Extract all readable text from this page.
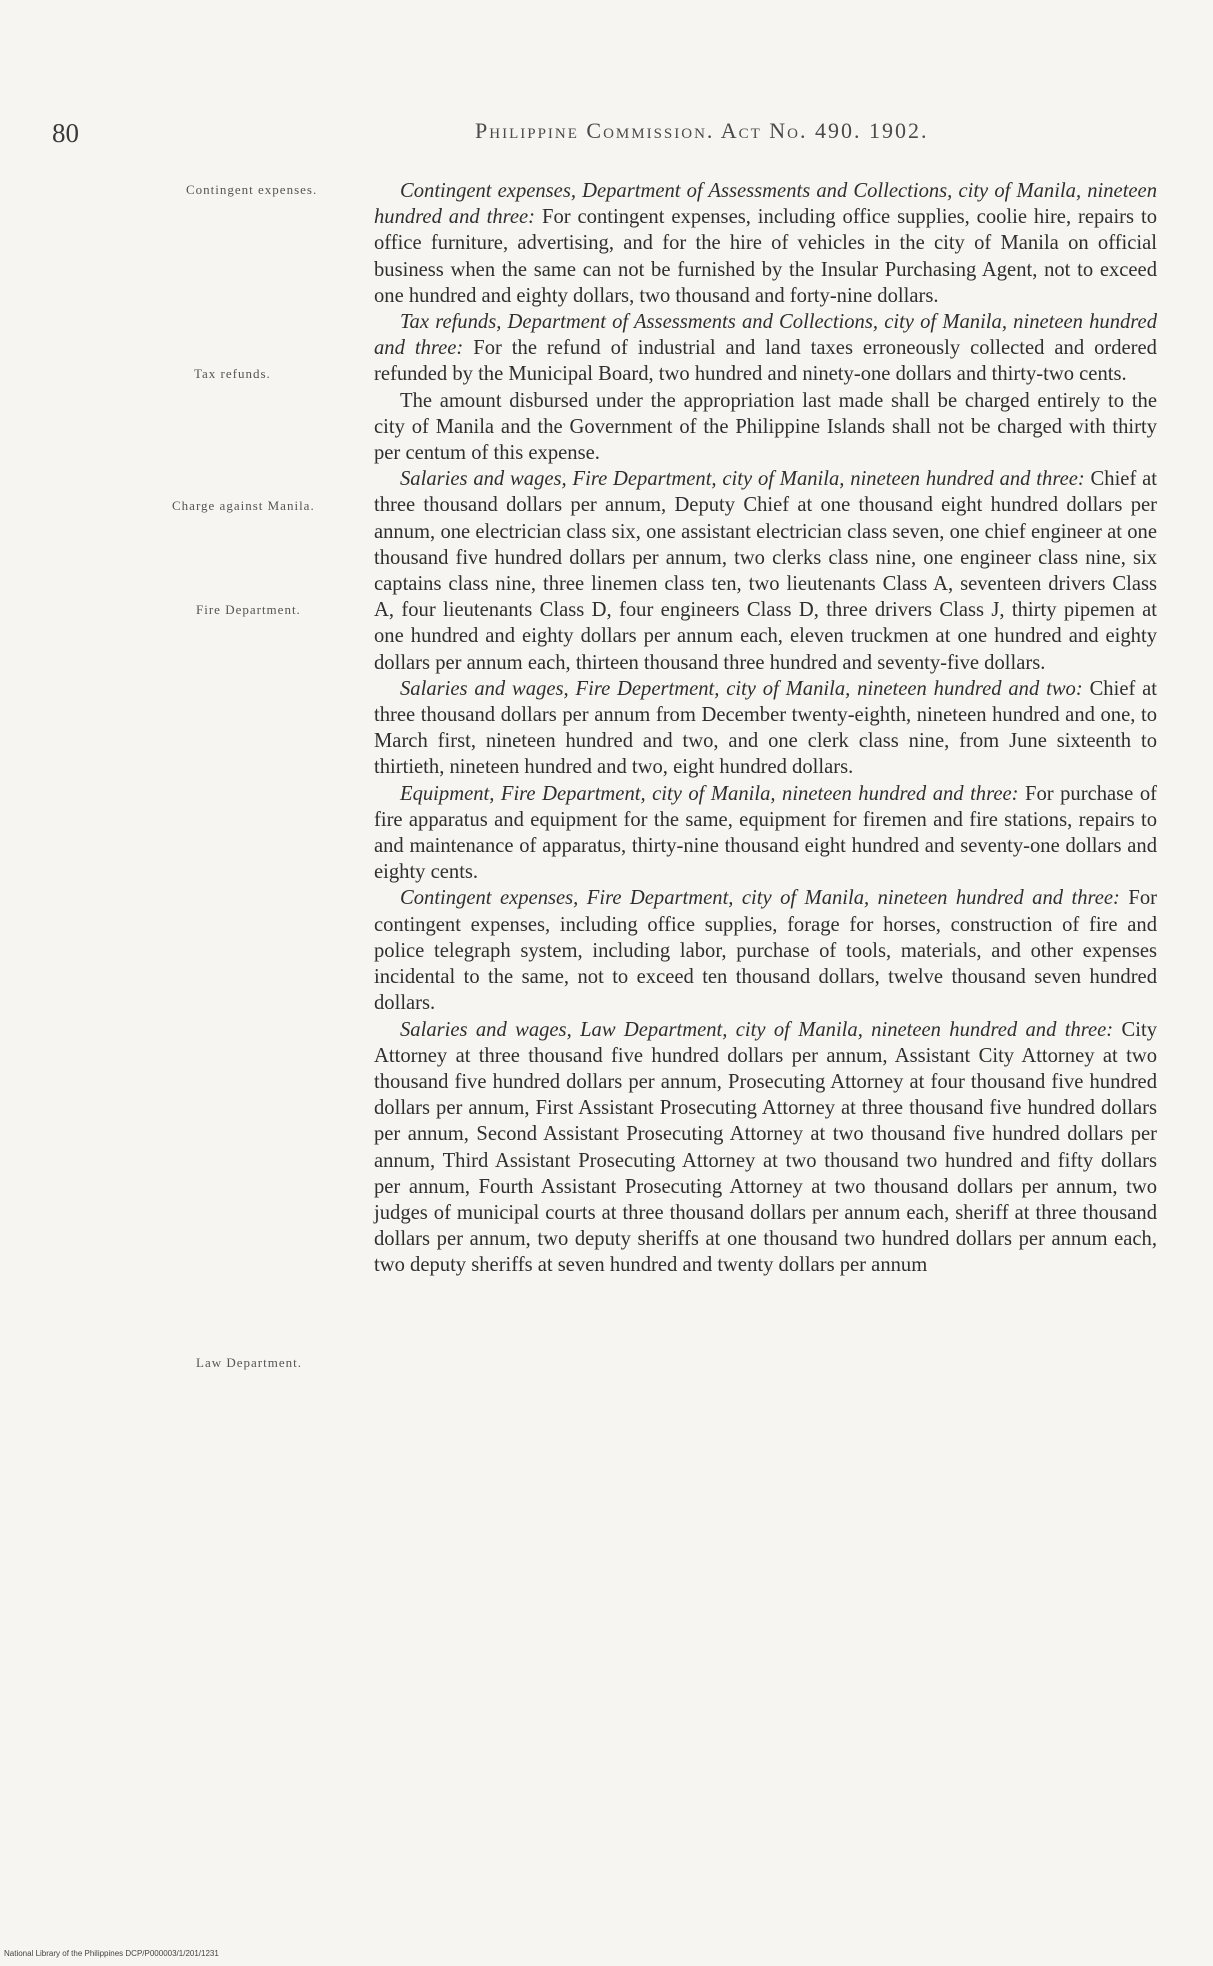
80	Philippine Commission. Act No. 490. 1902.
Contingent expenses.
Tax refunds.
Charge against Manila.
Fire Department.
Law Department.

Contingent expenses, Department of Assessments and Collections, city of Manila, nineteen hundred and three: For contingent expenses, including office supplies, coolie hire, repairs to office furniture, advertising, and for the hire of vehicles in the city of Manila on official business when the same can not be furnished by the Insular Purchasing Agent, not to exceed one hundred and eighty dollars, two thousand and forty-nine dollars.

Tax refunds, Department of Assessments and Collections, city of Manila, nineteen hundred and three: For the refund of industrial and land taxes erroneously collected and ordered refunded by the Municipal Board, two hundred and ninety-one dollars and thirty-two cents.

The amount disbursed under the appropriation last made shall be charged entirely to the city of Manila and the Government of the Philippine Islands shall not be charged with thirty per centum of this expense.

Salaries and wages, Fire Department, city of Manila, nineteen hundred and three: Chief at three thousand dollars per annum, Deputy Chief at one thousand eight hundred dollars per annum, one electrician class six, one assistant electrician class seven, one chief engineer at one thousand five hundred dollars per annum, two clerks class nine, one engineer class nine, six captains class nine, three linemen class ten, two lieutenants Class A, seventeen drivers Class A, four lieutenants Class D, four engineers Class D, three drivers Class J, thirty pipemen at one hundred and eighty dollars per annum each, eleven truckmen at one hundred and eighty dollars per annum each, thirteen thousand three hundred and seventy-five dollars.

Salaries and wages, Fire Depertment, city of Manila, nineteen hundred and two: Chief at three thousand dollars per annum from December twenty-eighth, nineteen hundred and one, to March first, nineteen hundred and two, and one clerk class nine, from June sixteenth to thirtieth, nineteen hundred and two, eight hundred dollars.

Equipment, Fire Department, city of Manila, nineteen hundred and three: For purchase of fire apparatus and equipment for the same, equipment for firemen and fire stations, repairs to and maintenance of apparatus, thirty-nine thousand eight hundred and seventy-one dollars and eighty cents.

Contingent expenses, Fire Department, city of Manila, nineteen hundred and three: For contingent expenses, including office supplies, forage for horses, construction of fire and police telegraph system, including labor, purchase of tools, materials, and other expenses incidental to the same, not to exceed ten thousand dollars, twelve thousand seven hundred dollars.

Salaries and wages, Law Department, city of Manila, nineteen hundred and three: City Attorney at three thousand five hundred dollars per annum, Assistant City Attorney at two thousand five hundred dollars per annum, Prosecuting Attorney at four thousand five hundred dollars per annum, First Assistant Prosecuting Attorney at three thousand five hundred dollars per annum, Second Assistant Prosecuting Attorney at two thousand five hundred dollars per annum, Third Assistant Prosecuting Attorney at two thousand two hundred and fifty dollars per annum, Fourth Assistant Prosecuting Attorney at two thousand dollars per annum, two judges of municipal courts at three thousand dollars per annum each, sheriff at three thousand dollars per annum, two deputy sheriffs at one thousand two hundred dollars per annum each, two deputy sheriffs at seven hundred and twenty dollars per annum

National Library of the Philippines DCP/P000003/1/201/1231
